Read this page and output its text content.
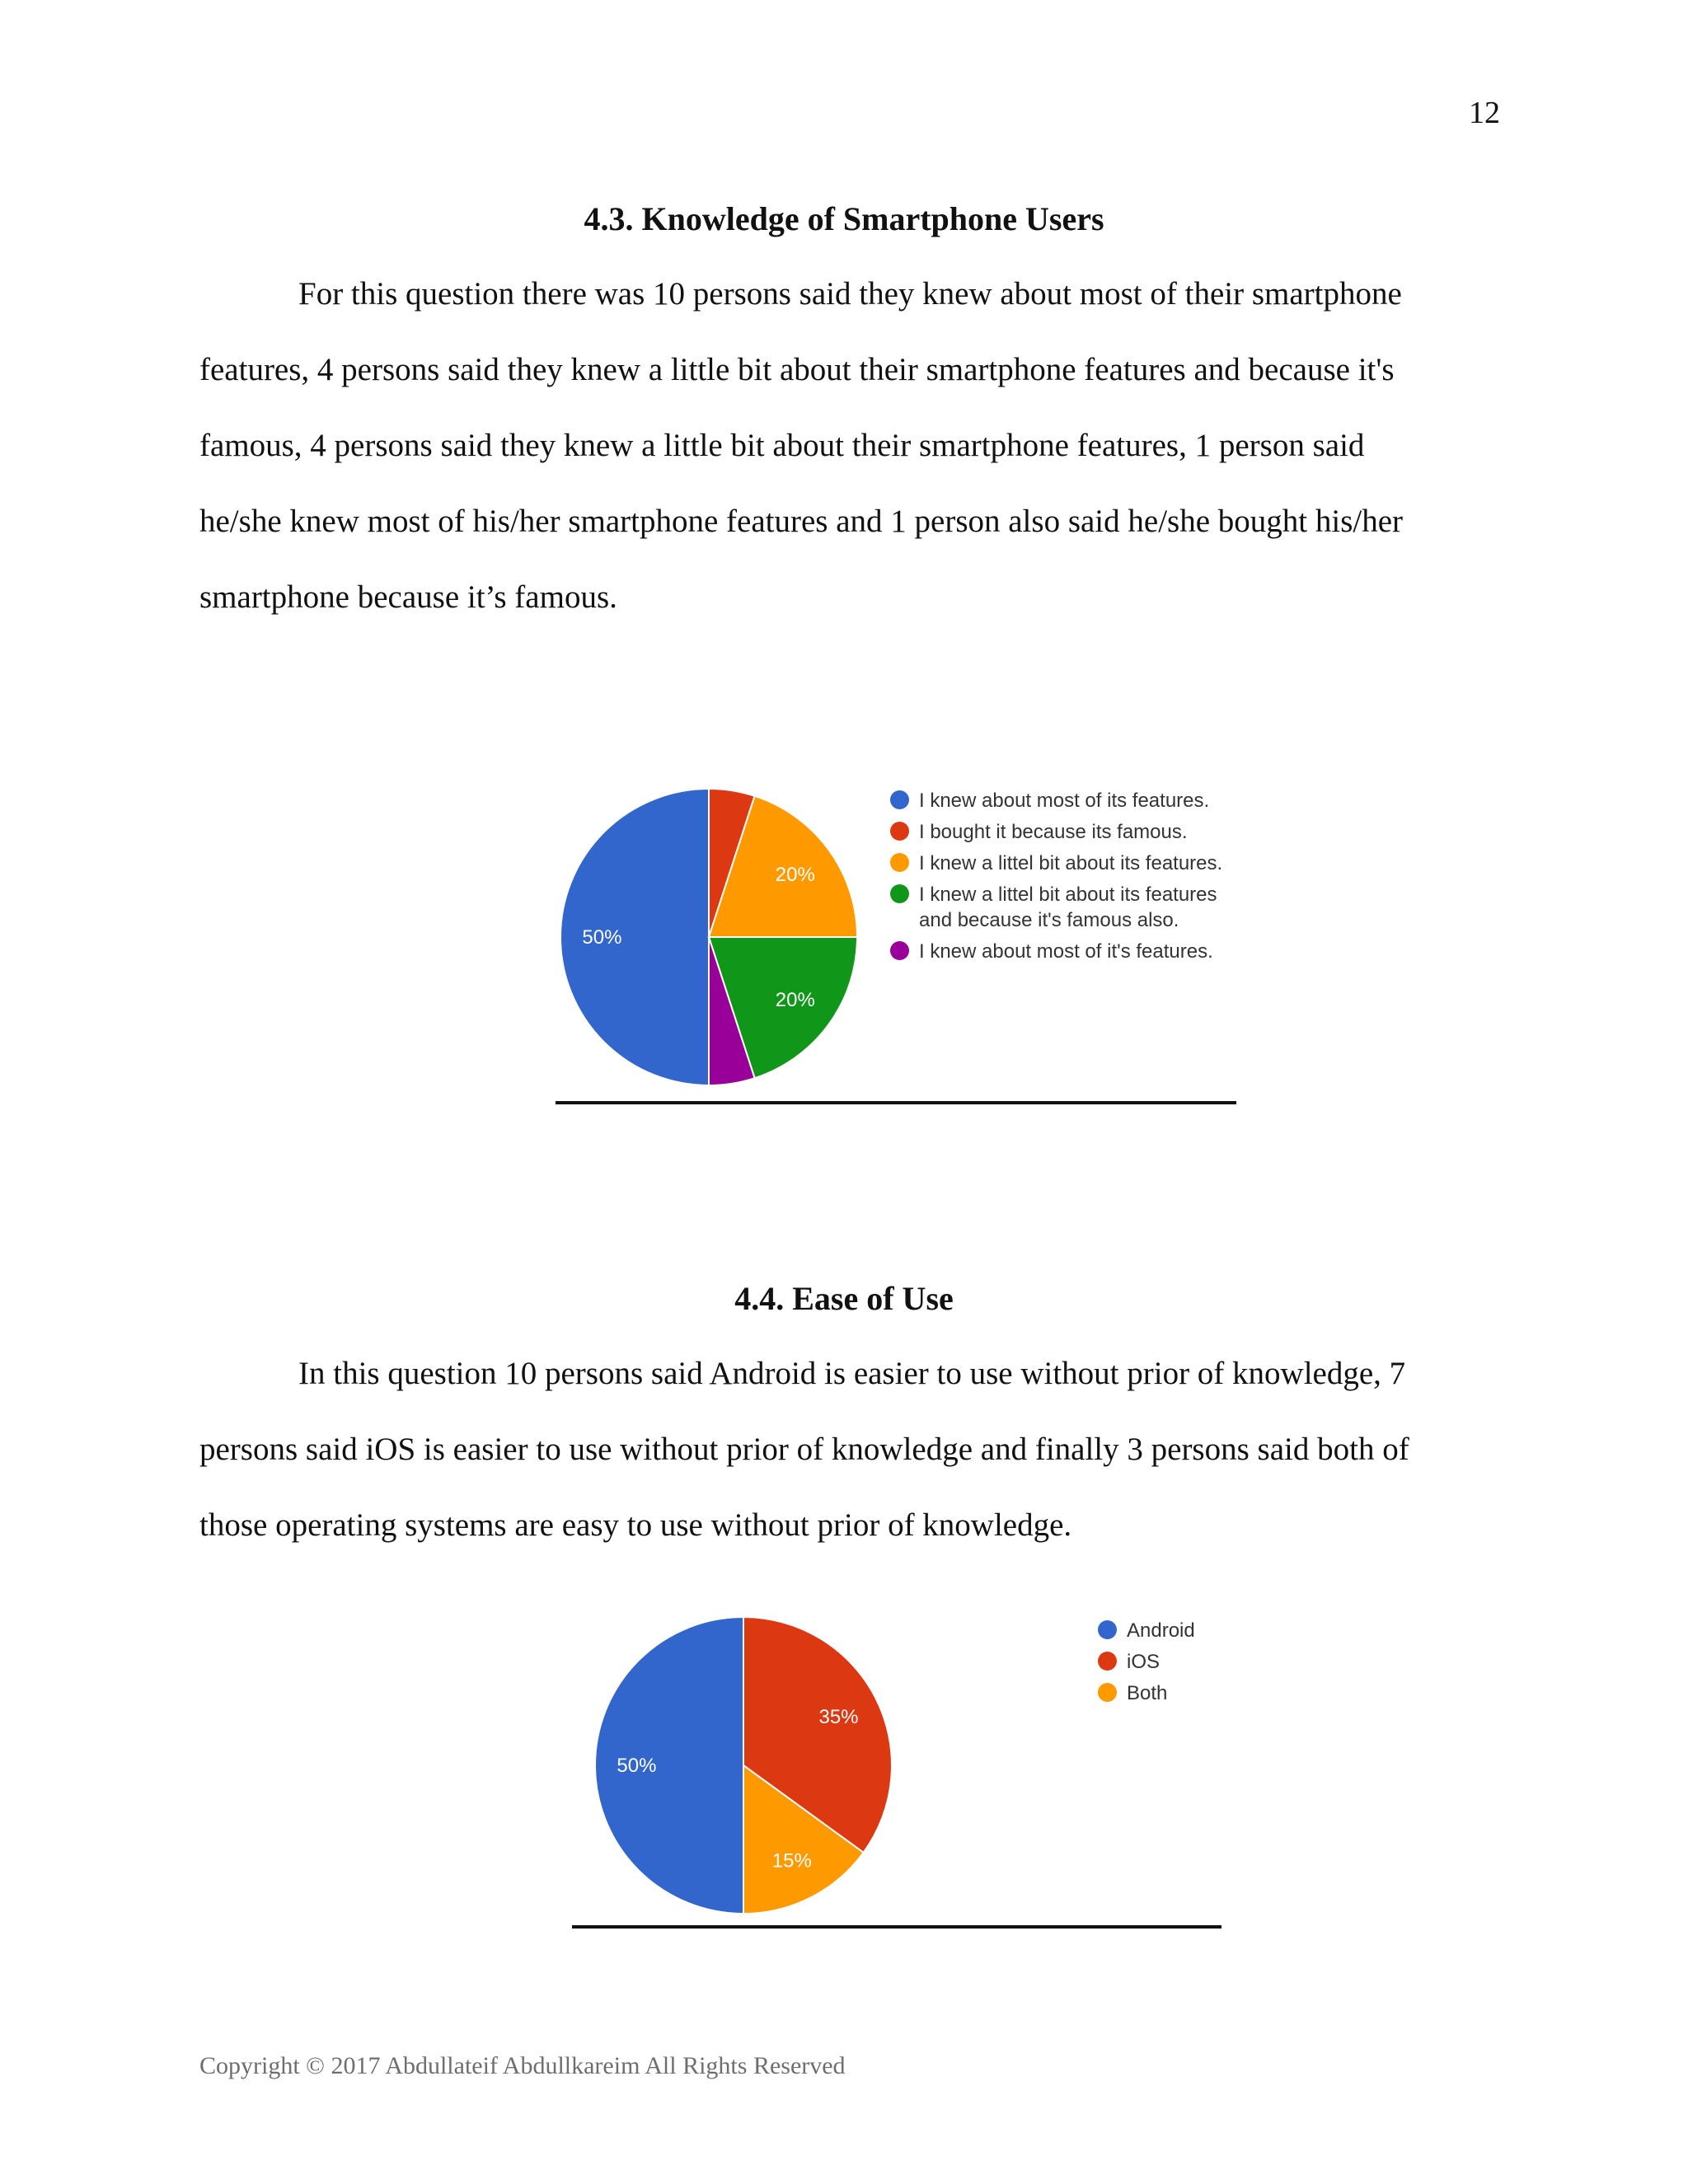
12
4.3. Knowledge of Smartphone Users

For this question there was 10 persons said they knew about most of their smartphone
features, 4 persons said they knew a little bit about their smartphone features and because it's
famous, 4 persons said they knew a little bit about their smartphone features, 1 person said
he/she knew most of his/her smartphone features and 1 person also said he/she bought his/her
smartphone because it’s famous.

50%
20%
20%
I knew about most of its features.
I bought it because its famous.
I knew a littel bit about its features.
I knew a littel bit about its features
and because it's famous also.
I knew about most of it's features.
4.4. Ease of Use

In this question 10 persons said Android is easier to use without prior of knowledge, 7
persons said iOS is easier to use without prior of knowledge and finally 3 persons said both of
those operating systems are easy to use without prior of knowledge.

50%
35%
15%
Android
iOS
Both
Copyright © 2017 Abdullateif Abdullkareim All Rights Reserved
